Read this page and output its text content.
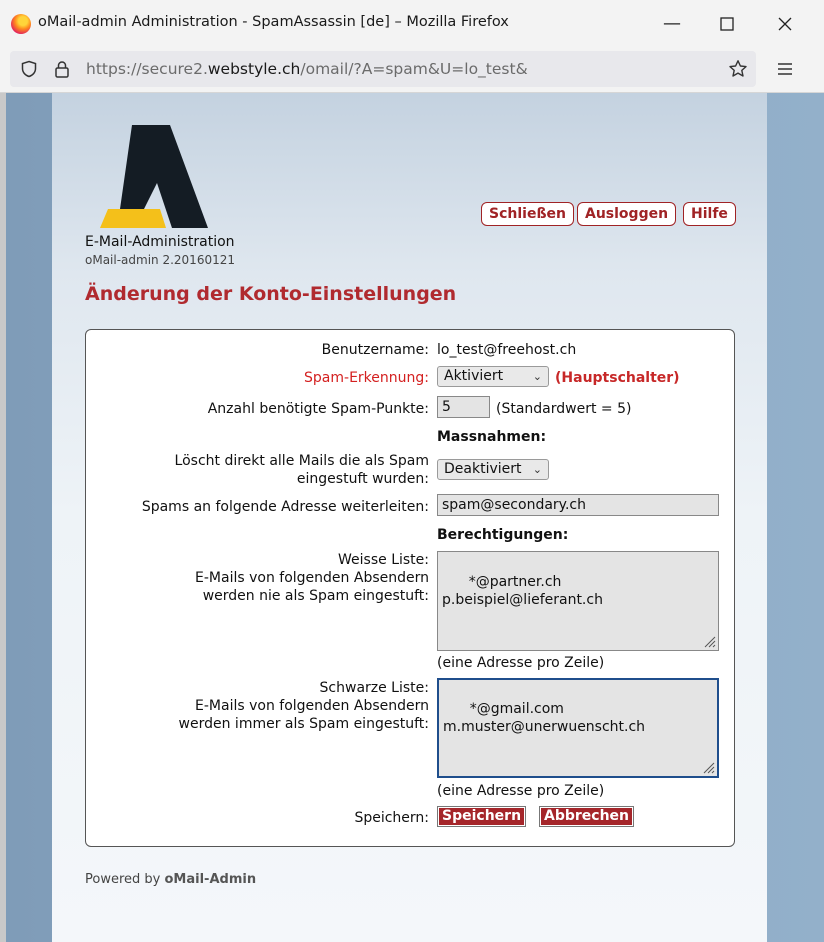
oMail-admin Administration - SpamAssassin [de] – Mozilla Firefox	—
https://secure2.webstyle.ch/omail/?A=spam&U=lo_test&
E-Mail-Administration
oMail-admin 2.20160121
Schließen	Ausloggen	Hilfe
Änderung der Konto-Einstellungen
Benutzername: lo_test@freehost.ch
Spam-Erkennung:	Aktiviert	⌄ (Hauptschalter)
Anzahl benötigte Spam-Punkte: 5	(Standardwert = 5)
Massnahmen:
Löscht direkt alle Mails die als Spam
eingestuft wurden:
Deaktiviert ⌄
Spams an folgende Adresse weiterleiten: spam@secondary.ch
Berechtigungen:
Weisse Liste:
E-Mails von folgenden Absendern
werden nie als Spam eingestuft:

*@partner.ch
p.beispiel@lieferant.ch

(eine Adresse pro Zeile)
Schwarze Liste:
E-Mails von folgenden Absendern
werden immer als Spam eingestuft:

*@gmail.com
m.muster@unerwuenscht.ch

(eine Adresse pro Zeile)
Speichern: Speichern	Abbrechen
Powered by oMail-Admin
